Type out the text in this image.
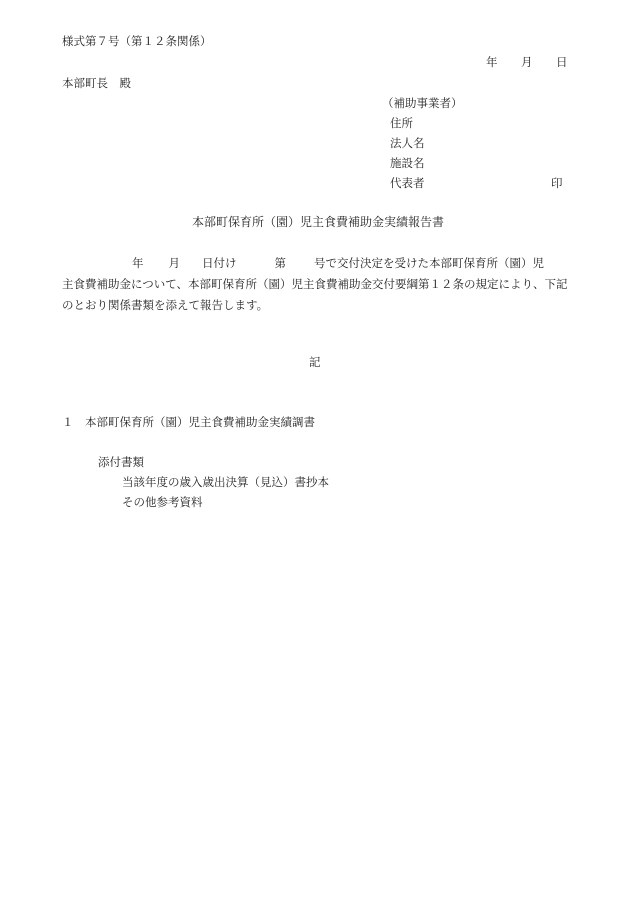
様式第７号（第１２条関係）
年 月 日
本部町長　殿
（補助事業者）
住所
法人名
施設名
代表者	印
本部町保育所（園）児主食費補助金実績報告書
年 月 日付け	第 号で交付決定を受けた本部町保育所（園）児
主食費補助金について、本部町保育所（園）児主食費補助金交付要綱第１２条の規定により、下記
のとおり関係書類を添えて報告します。
記
１　本部町保育所（園）児主食費補助金実績調書
添付書類
当該年度の歳入歳出決算（見込）書抄本
その他参考資料
